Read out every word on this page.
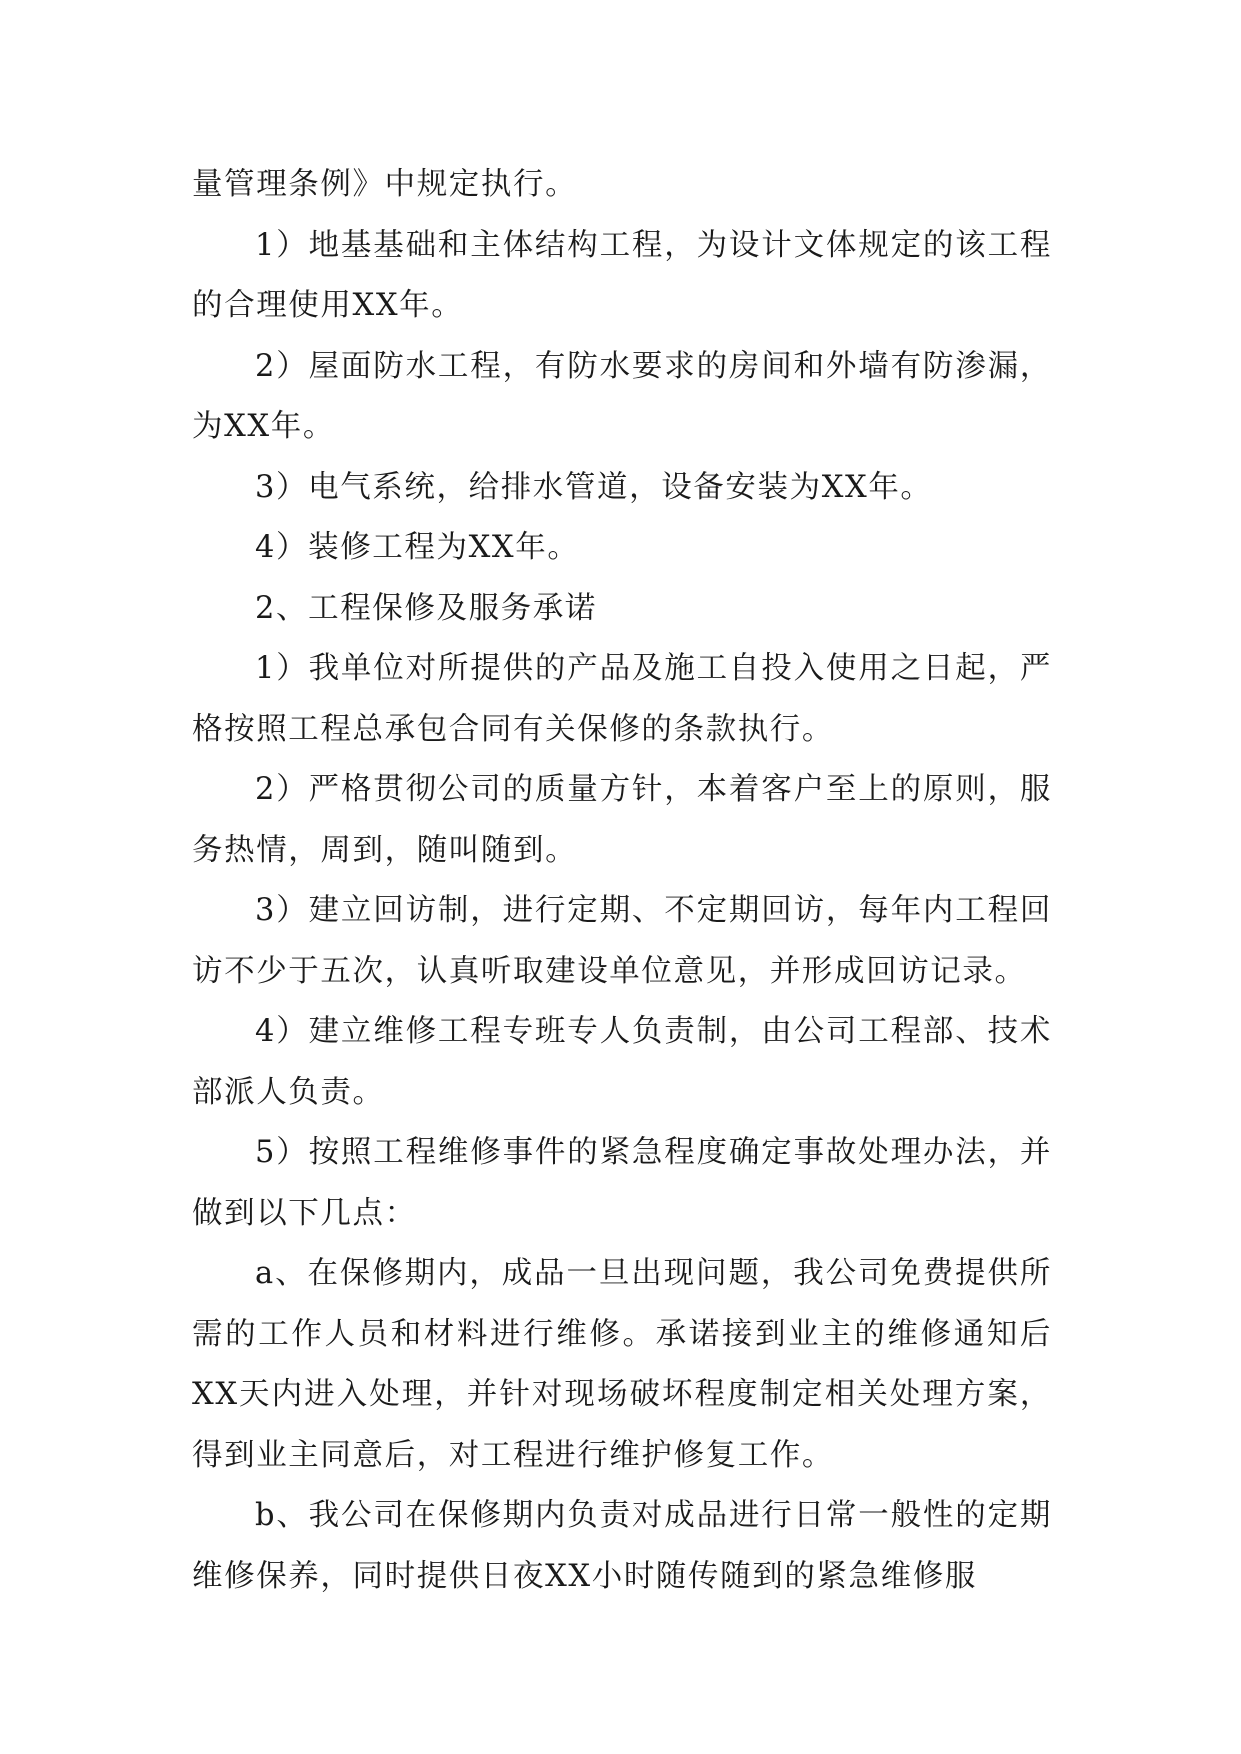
量管理条例》中规定执行。

1）地基基础和主体结构工程，为设计文体规定的该工程的合理使用XX年。

2）屋面防水工程，有防水要求的房间和外墙有防渗漏，为XX年。

3）电气系统，给排水管道，设备安装为XX年。

4）装修工程为XX年。

2、工程保修及服务承诺

1）我单位对所提供的产品及施工自投入使用之日起，严格按照工程总承包合同有关保修的条款执行。

2）严格贯彻公司的质量方针，本着客户至上的原则，服务热情，周到，随叫随到。

3）建立回访制，进行定期、不定期回访，每年内工程回访不少于五次，认真听取建设单位意见，并形成回访记录。

4）建立维修工程专班专人负责制，由公司工程部、技术部派人负责。

5）按照工程维修事件的紧急程度确定事故处理办法，并做到以下几点：

a、在保修期内，成品一旦出现问题，我公司免费提供所需的工作人员和材料进行维修。承诺接到业主的维修通知后XX天内进入处理，并针对现场破坏程度制定相关处理方案，得到业主同意后，对工程进行维护修复工作。

b、我公司在保修期内负责对成品进行日常一般性的定期维修保养，同时提供日夜XX小时随传随到的紧急维修服
